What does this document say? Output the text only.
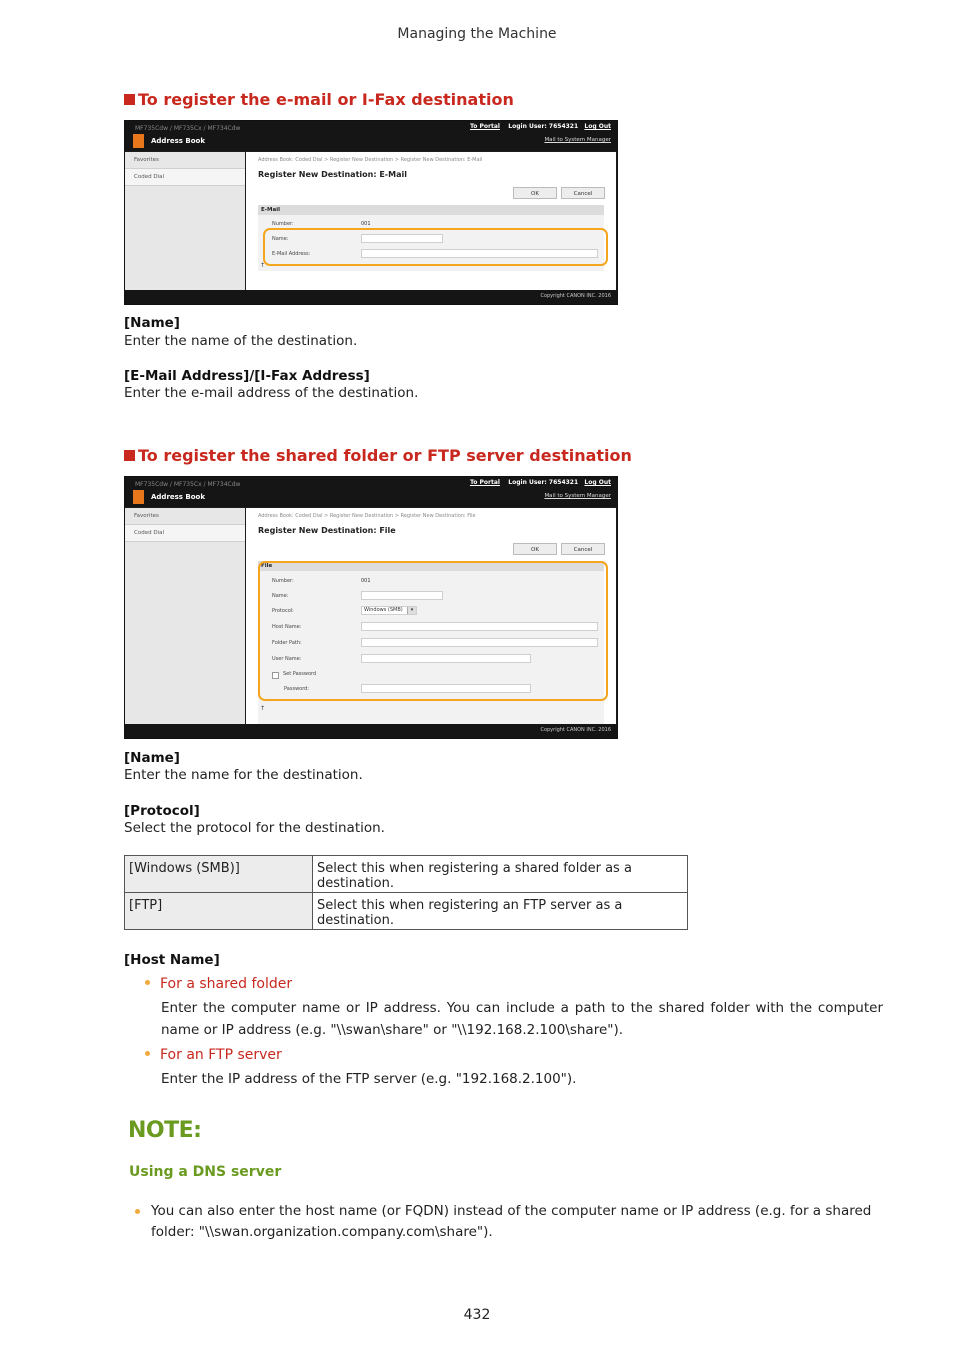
Managing the Machine
To register the e-mail or I-Fax destination
MF735Cdw / MF735Cx / MF734Cdw	To Portal Login User: 7654321 Log Out
Mail to System Manager
Address Book
Favorites
Coded Dial
Address Book: Coded Dial > Register New Destination > Register New Destination: E-Mail
Register New Destination: E-Mail
OK	Cancel
E-Mail
Number:	001
Name:
E-Mail Address:
↑
Copyright CANON INC. 2016
[Name]
Enter the name of the destination.
[E-Mail Address]/[I-Fax Address]
Enter the e-mail address of the destination.
To register the shared folder or FTP server destination
MF735Cdw / MF735Cx / MF734Cdw	To Portal Login User: 7654321 Log Out
Mail to System Manager
Address Book
Favorites
Coded Dial
Address Book: Coded Dial > Register New Destination > Register New Destination: File
Register New Destination: File
OK	Cancel
File
Number:	001
Name:
Protocol:	Windows (SMB)	▾
Host Name:
Folder Path:
User Name:
Set Password
Password:
↑
Copyright CANON INC. 2016
[Name]
Enter the name for the destination.
[Protocol]
Select the protocol for the destination.
[Windows (SMB)]	Select this when registering a shared folder as a destination.
[FTP]	Select this when registering an FTP server as a destination.
[Host Name]
For a shared folder
Enter the computer name or IP address. You can include a path to the shared folder with the computer name or IP address (e.g. "\\swan\share" or "\\192.168.2.100\share").
For an FTP server
Enter the IP address of the FTP server (e.g. "192.168.2.100").
NOTE:
Using a DNS server
You can also enter the host name (or FQDN) instead of the computer name or IP address (e.g. for a shared folder: "\\swan.organization.company.com\share").
432
